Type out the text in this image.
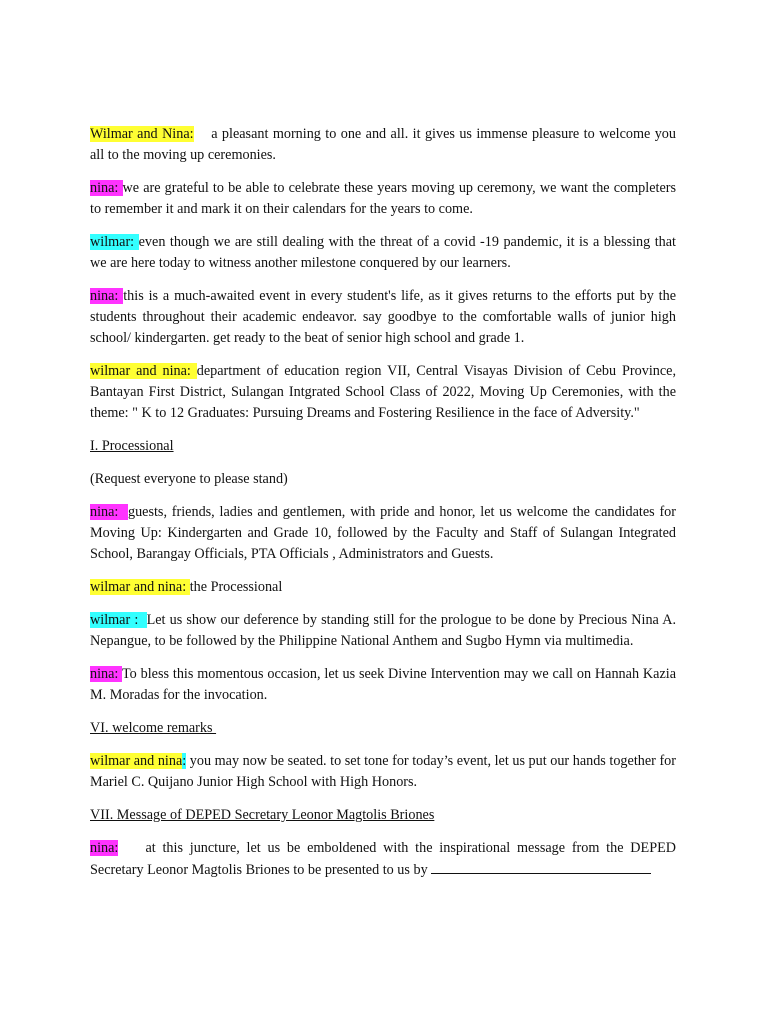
Wilmar and Nina:    a pleasant morning to one and all. it gives us immense pleasure to welcome you all to the moving up ceremonies.

nina: we are grateful to be able to celebrate these years moving up ceremony, we want the completers to remember it and mark it on their calendars for the years to come.

wilmar: even though we are still dealing with the threat of a covid -19 pandemic, it is a blessing that we are here today to witness another milestone conquered by our learners.

nina: this is a much-awaited event in every student's life, as it gives returns to the efforts put by the students throughout their academic endeavor. say goodbye to the comfortable walls of junior high school/ kindergarten. get ready to the beat of senior high school and grade 1.

wilmar and nina: department of education region VII, Central Visayas Division of Cebu Province, Bantayan First District, Sulangan Intgrated School Class of 2022, Moving Up Ceremonies, with the theme: " K to 12 Graduates: Pursuing Dreams and Fostering Resilience in the face of Adversity."

I. Processional

(Request everyone to please stand)

nina:  guests, friends, ladies and gentlemen, with pride and honor, let us welcome the candidates for Moving Up: Kindergarten and Grade 10, followed by the Faculty and Staff of Sulangan Integrated School, Barangay Officials, PTA Officials , Administrators and Guests.

wilmar and nina: the Processional

wilmar :  Let us show our deference by standing still for the prologue to be done by Precious Nina A. Nepangue, to be followed by the Philippine National Anthem and Sugbo Hymn via multimedia.

nina: To bless this momentous occasion, let us seek Divine Intervention may we call on Hannah Kazia M. Moradas for the invocation.

VI. welcome remarks

wilmar and nina: you may now be seated. to set tone for today’s event, let us put our hands together for Mariel C. Quijano Junior High School with High Honors.

VII. Message of DEPED Secretary Leonor Magtolis Briones

nina:    at this juncture, let us be emboldened with the inspirational message from the DEPED Secretary Leonor Magtolis Briones to be presented to us by
